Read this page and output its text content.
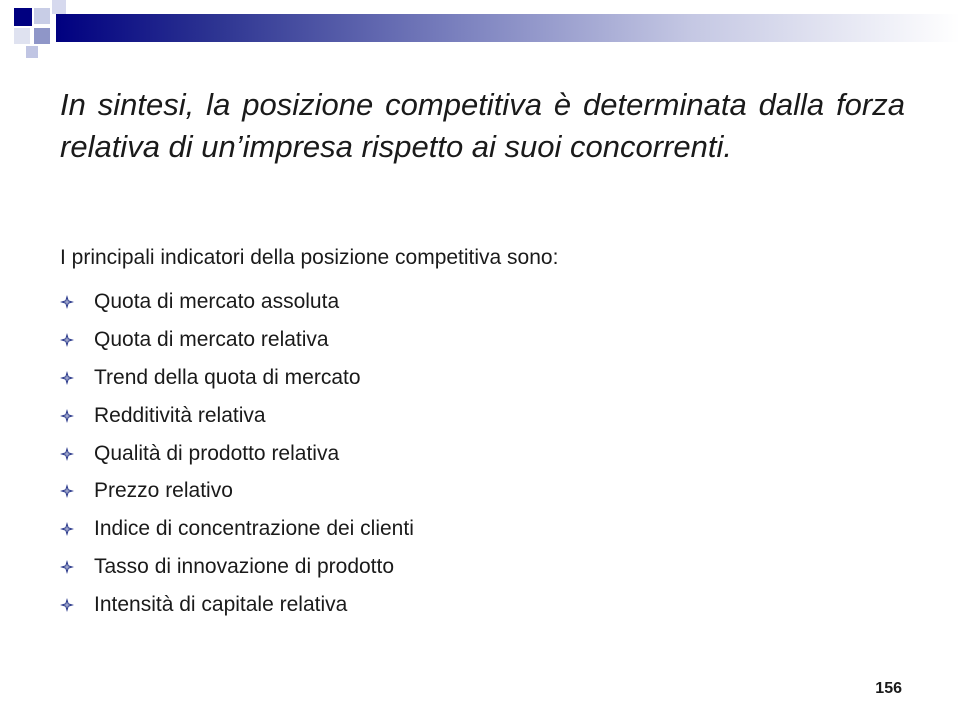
In sintesi, la posizione competitiva è determinata dalla forza relativa di un’impresa rispetto ai suoi concorrenti.

I principali indicatori della posizione competitiva sono:

Quota di mercato assoluta
Quota di mercato relativa
Trend della quota di mercato
Redditività relativa
Qualità di prodotto relativa
Prezzo relativo
Indice di concentrazione dei clienti
Tasso di innovazione di prodotto
Intensità di capitale relativa
156
